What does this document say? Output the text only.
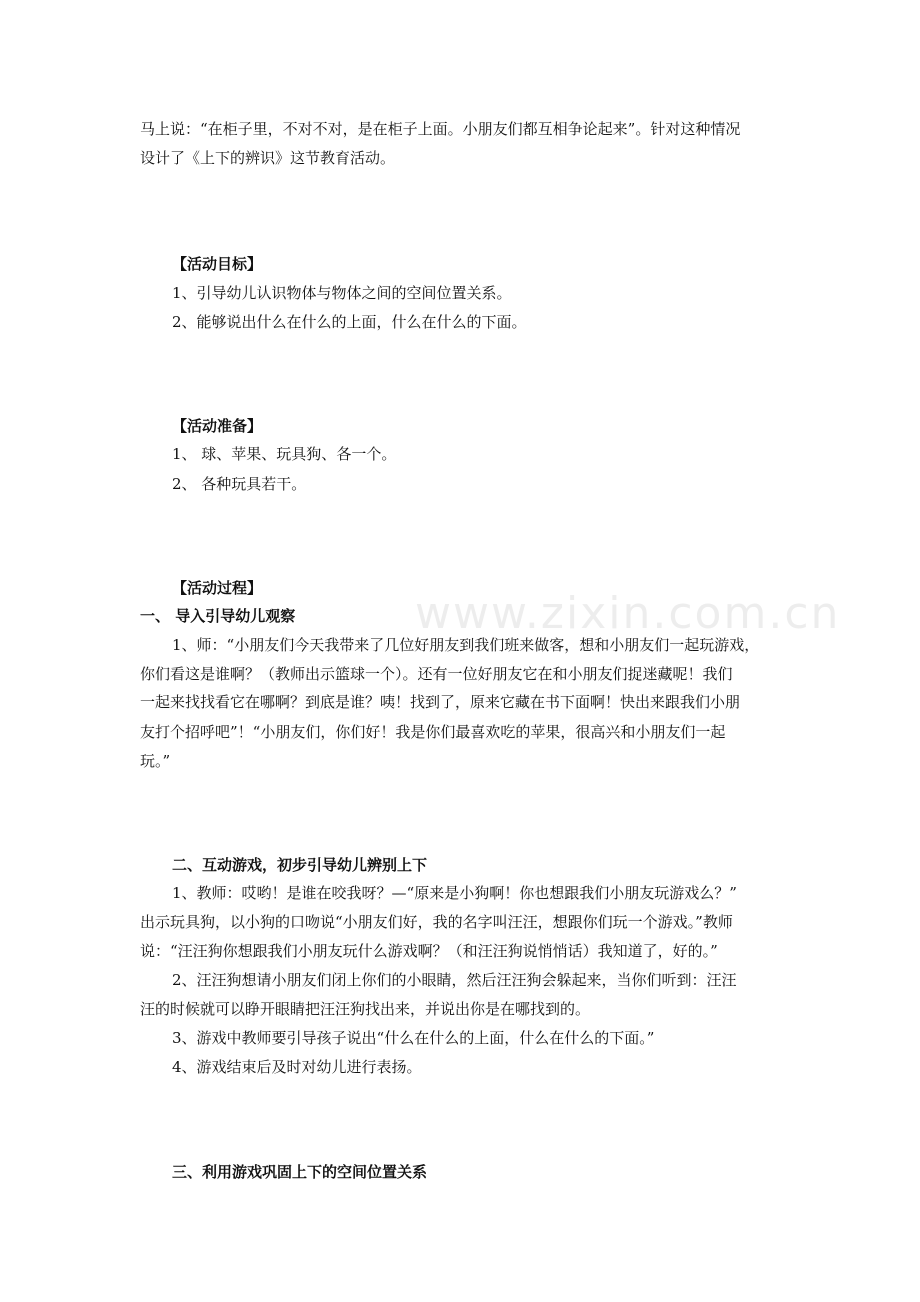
www.zixin.com.cn
马上说：“在柜子里，不对不对，是在柜子上面。小朋友们都互相争论起来”。针对这种情况
设计了《上下的辨识》这节教育活动。
【活动目标】
1、引导幼儿认识物体与物体之间的空间位置关系。
2、能够说出什么在什么的上面，什么在什么的下面。
【活动准备】
1、 球、苹果、玩具狗、各一个。
2、 各种玩具若干。
【活动过程】
一、 导入引导幼儿观察
1、师：“小朋友们今天我带来了几位好朋友到我们班来做客，想和小朋友们一起玩游戏，
你们看这是谁啊？（教师出示篮球一个）。还有一位好朋友它在和小朋友们捉迷藏呢！我们
一起来找找看它在哪啊？到底是谁？咦！找到了，原来它藏在书下面啊！快出来跟我们小朋
友打个招呼吧”！“小朋友们，你们好！我是你们最喜欢吃的苹果，很高兴和小朋友们一起
玩。”
二、互动游戏，初步引导幼儿辨别上下
1、教师：哎哟！是谁在咬我呀？—“原来是小狗啊！你也想跟我们小朋友玩游戏么？”
出示玩具狗，以小狗的口吻说“小朋友们好，我的名字叫汪汪，想跟你们玩一个游戏。”教师
说：“汪汪狗你想跟我们小朋友玩什么游戏啊？（和汪汪狗说悄悄话）我知道了，好的。”
2、汪汪狗想请小朋友们闭上你们的小眼睛，然后汪汪狗会躲起来，当你们听到：汪汪
汪的时候就可以睁开眼睛把汪汪狗找出来，并说出你是在哪找到的。
3、游戏中教师要引导孩子说出“什么在什么的上面，什么在什么的下面。”
4、游戏结束后及时对幼儿进行表扬。
三、利用游戏巩固上下的空间位置关系
